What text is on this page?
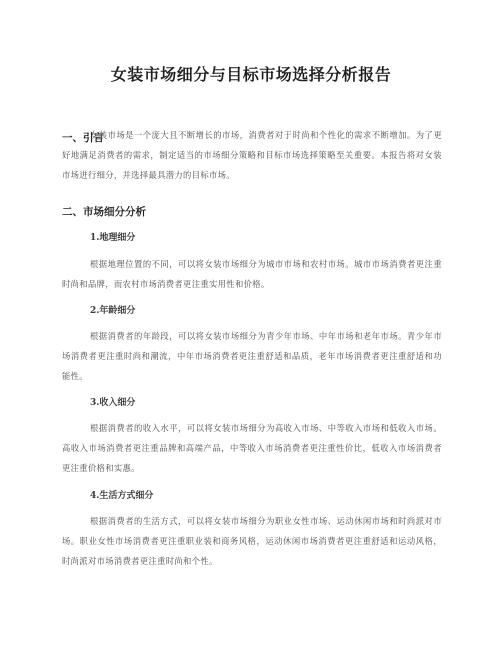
女装市场细分与目标市场选择分析报告
一、引言

女装市场是一个庞大且不断增长的市场，消费者对于时尚和个性化的需求不断增加。为了更好地满足消费者的需求，制定适当的市场细分策略和目标市场选择策略至关重要。本报告将对女装市场进行细分，并选择最具潜力的目标市场。

二、市场细分分析
1.地理细分

根据地理位置的不同，可以将女装市场细分为城市市场和农村市场。城市市场消费者更注重时尚和品牌，而农村市场消费者更注重实用性和价格。

2.年龄细分

根据消费者的年龄段，可以将女装市场细分为青少年市场、中年市场和老年市场。青少年市场消费者更注重时尚和潮流，中年市场消费者更注重舒适和品质，老年市场消费者更注重舒适和功能性。

3.收入细分

根据消费者的收入水平，可以将女装市场细分为高收入市场、中等收入市场和低收入市场。高收入市场消费者更注重品牌和高端产品，中等收入市场消费者更注重性价比，低收入市场消费者更注重价格和实惠。

4.生活方式细分

根据消费者的生活方式，可以将女装市场细分为职业女性市场、运动休闲市场和时尚派对市场。职业女性市场消费者更注重职业装和商务风格，运动休闲市场消费者更注重舒适和运动风格，时尚派对市场消费者更注重时尚和个性。
